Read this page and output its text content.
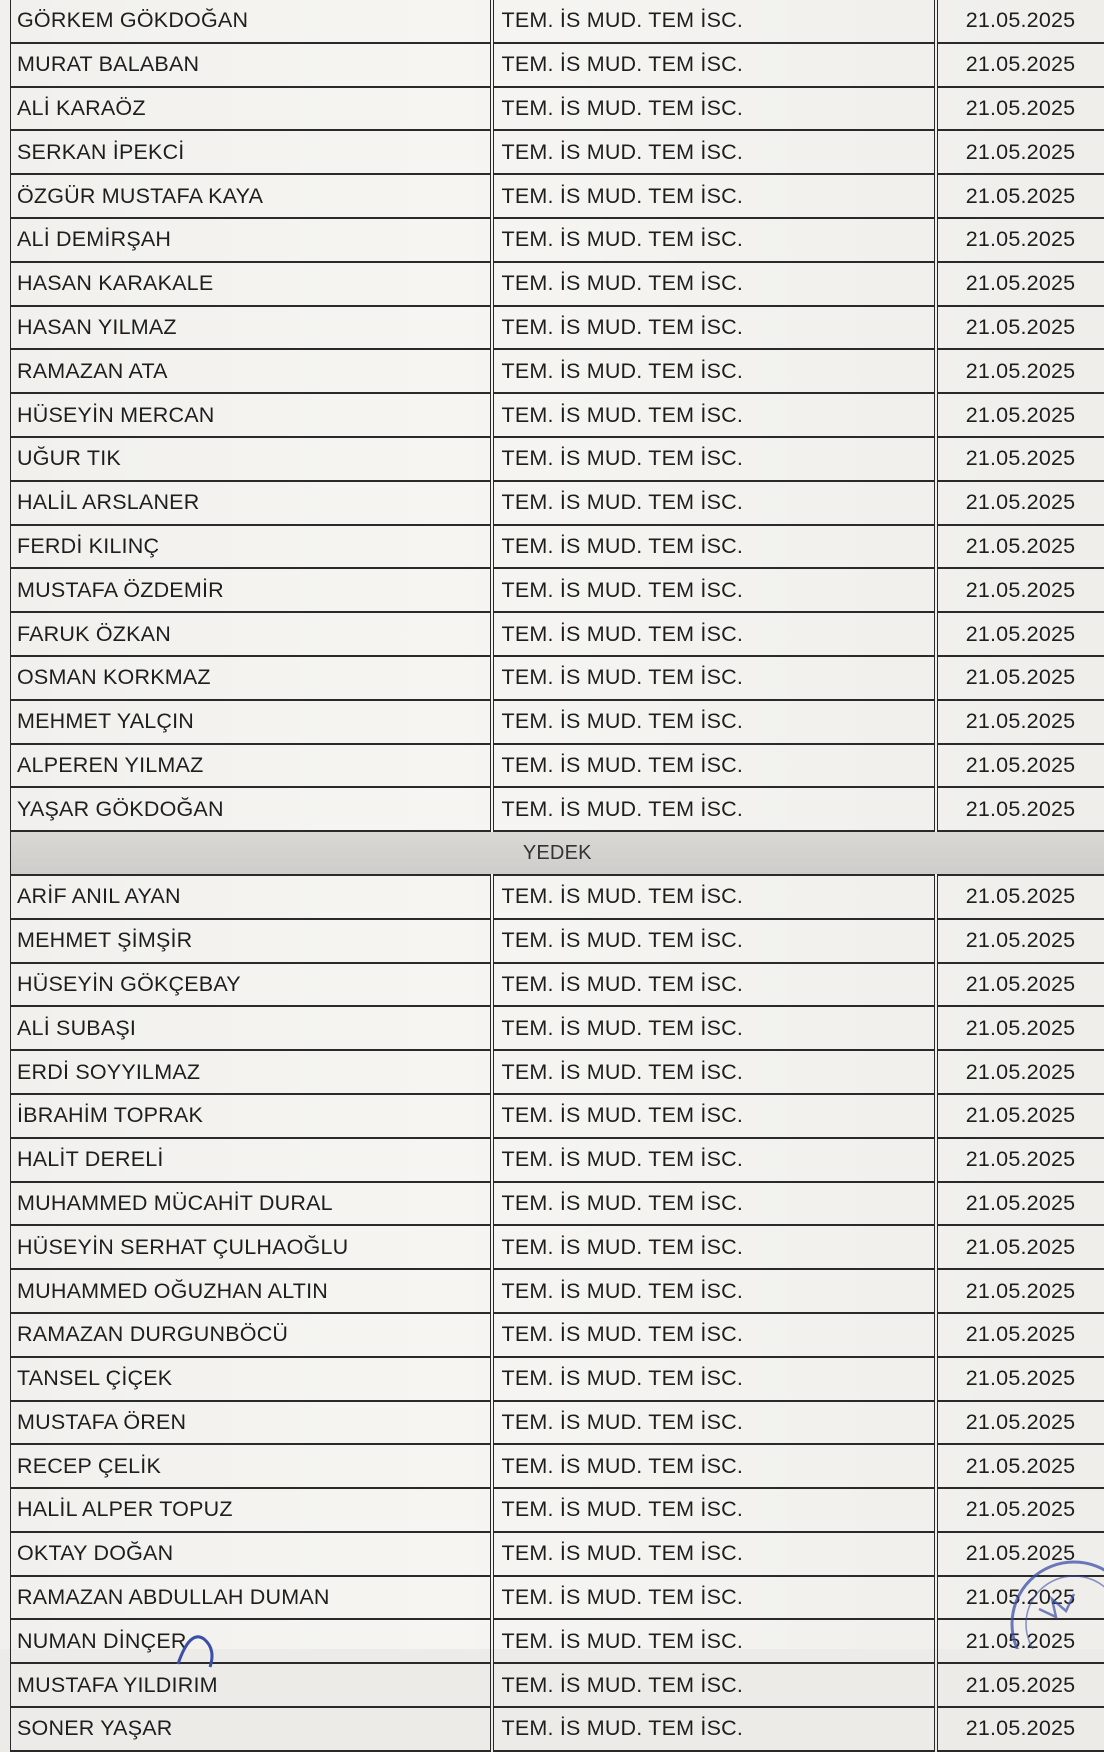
GÖRKEM GÖKDOĞAN	TEM. İS MUD. TEM İSC.	21.05.2025
MURAT BALABAN	TEM. İS MUD. TEM İSC.	21.05.2025
ALİ KARAÖZ	TEM. İS MUD. TEM İSC.	21.05.2025
SERKAN İPEKCİ	TEM. İS MUD. TEM İSC.	21.05.2025
ÖZGÜR MUSTAFA KAYA	TEM. İS MUD. TEM İSC.	21.05.2025
ALİ DEMİRŞAH	TEM. İS MUD. TEM İSC.	21.05.2025
HASAN KARAKALE	TEM. İS MUD. TEM İSC.	21.05.2025
HASAN YILMAZ	TEM. İS MUD. TEM İSC.	21.05.2025
RAMAZAN ATA	TEM. İS MUD. TEM İSC.	21.05.2025
HÜSEYİN MERCAN	TEM. İS MUD. TEM İSC.	21.05.2025
UĞUR TIK	TEM. İS MUD. TEM İSC.	21.05.2025
HALİL ARSLANER	TEM. İS MUD. TEM İSC.	21.05.2025
FERDİ KILINÇ	TEM. İS MUD. TEM İSC.	21.05.2025
MUSTAFA ÖZDEMİR	TEM. İS MUD. TEM İSC.	21.05.2025
FARUK ÖZKAN	TEM. İS MUD. TEM İSC.	21.05.2025
OSMAN KORKMAZ	TEM. İS MUD. TEM İSC.	21.05.2025
MEHMET YALÇIN	TEM. İS MUD. TEM İSC.	21.05.2025
ALPEREN YILMAZ	TEM. İS MUD. TEM İSC.	21.05.2025
YAŞAR GÖKDOĞAN	TEM. İS MUD. TEM İSC.	21.05.2025
YEDEK		
ARİF ANIL AYAN	TEM. İS MUD. TEM İSC.	21.05.2025
MEHMET ŞİMŞİR	TEM. İS MUD. TEM İSC.	21.05.2025
HÜSEYİN GÖKÇEBAY	TEM. İS MUD. TEM İSC.	21.05.2025
ALİ SUBAŞI	TEM. İS MUD. TEM İSC.	21.05.2025
ERDİ SOYYILMAZ	TEM. İS MUD. TEM İSC.	21.05.2025
İBRAHİM TOPRAK	TEM. İS MUD. TEM İSC.	21.05.2025
HALİT DERELİ	TEM. İS MUD. TEM İSC.	21.05.2025
MUHAMMED MÜCAHİT DURAL	TEM. İS MUD. TEM İSC.	21.05.2025
HÜSEYİN SERHAT ÇULHAOĞLU	TEM. İS MUD. TEM İSC.	21.05.2025
MUHAMMED OĞUZHAN ALTIN	TEM. İS MUD. TEM İSC.	21.05.2025
RAMAZAN DURGUNBÖCÜ	TEM. İS MUD. TEM İSC.	21.05.2025
TANSEL ÇİÇEK	TEM. İS MUD. TEM İSC.	21.05.2025
MUSTAFA ÖREN	TEM. İS MUD. TEM İSC.	21.05.2025
RECEP ÇELİK	TEM. İS MUD. TEM İSC.	21.05.2025
HALİL ALPER TOPUZ	TEM. İS MUD. TEM İSC.	21.05.2025
OKTAY DOĞAN	TEM. İS MUD. TEM İSC.	21.05.2025
RAMAZAN ABDULLAH DUMAN	TEM. İS MUD. TEM İSC.	21.05.2025
NUMAN DİNÇER	TEM. İS MUD. TEM İSC.	21.05.2025
MUSTAFA YILDIRIM	TEM. İS MUD. TEM İSC.	21.05.2025
SONER YAŞAR	TEM. İS MUD. TEM İSC.	21.05.2025
